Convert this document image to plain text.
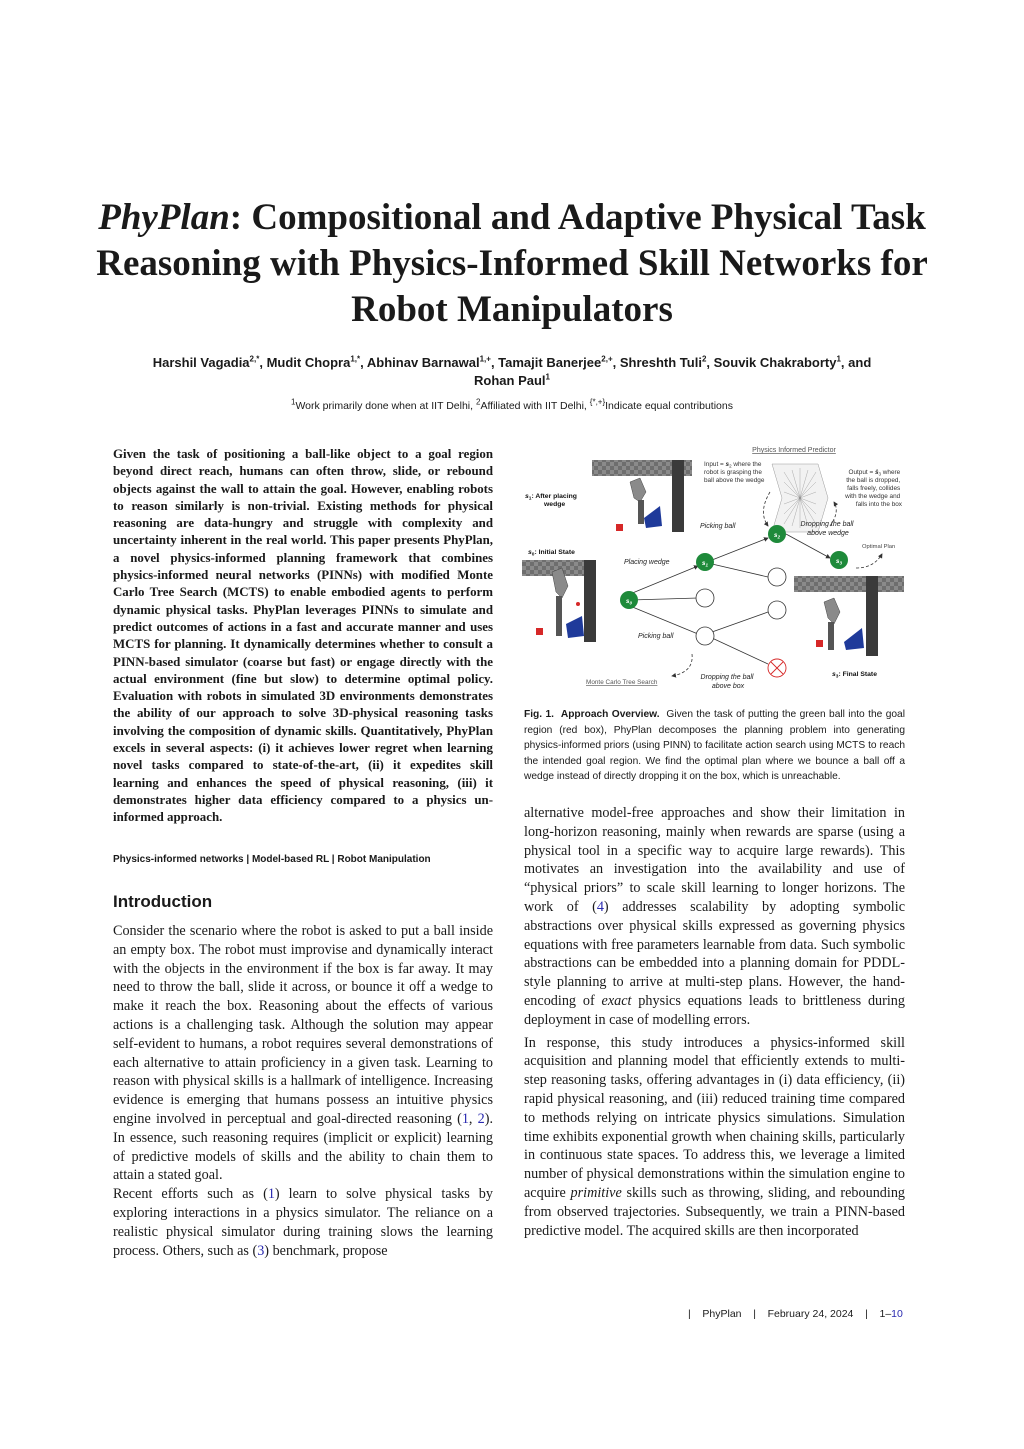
PhyPlan: Compositional and Adaptive Physical Task Reasoning with Physics-Informed Skill Networks for Robot Manipulators
Harshil Vagadia$^{2,*}$, Mudit Chopra$^{1,*}$, Abhinav Barnawal$^{1,+}$, Tamajit Banerjee$^{2,+}$, Shreshth Tuli$^2$, Souvik Chakraborty$^1$, and
Rohan Paul$^1$
$^1$Work primarily done when at IIT Delhi, $^2$Affiliated with IIT Delhi, {*,+}Indicate equal contributions
Given the task of positioning a ball-like object to a goal region beyond direct reach, humans can often throw, slide, or rebound objects against the wall to attain the goal. However, enabling robots to reason similarly is non-trivial. Existing methods for physical reasoning are data-hungry and struggle with complexity and uncertainty inherent in the real world. This paper presents PhyPlan, a novel physics-informed planning framework that combines physics-informed neural networks (PINNs) with modified Monte Carlo Tree Search (MCTS) to enable embodied agents to perform dynamic physical tasks. PhyPlan leverages PINNs to simulate and predict outcomes of actions in a fast and accurate manner and uses MCTS for planning. It dynamically determines whether to consult a PINN-based simulator (coarse but fast) or engage directly with the actual environment (fine but slow) to determine optimal policy. Evaluation with robots in simulated 3D environments demonstrates the ability of our approach to solve 3D-physical reasoning tasks involving the composition of dynamic skills. Quantitatively, PhyPlan excels in several aspects: (i) it achieves lower regret when learning novel tasks compared to state-of-the-art, (ii) it expedites skill learning and enhances the speed of physical reasoning, (iii) it demonstrates higher data efficiency compared to a physics un-informed approach.
Physics-informed networks | Model-based RL | Robot Manipulation
Introduction

Consider the scenario where the robot is asked to put a ball inside an empty box. The robot must improvise and dynamically interact with the objects in the environment if the box is far away. It may need to throw the ball, slide it across, or bounce it off a wedge to make it reach the box. Reasoning about the effects of various actions is a challenging task. Although the solution may appear self-evident to humans, a robot requires several demonstrations of each alternative to attain proficiency in a given task. Learning to reason with physical skills is a hallmark of intelligence. Increasing evidence is emerging that humans possess an intuitive physics engine involved in perceptual and goal-directed reasoning (1, 2). In essence, such reasoning requires (implicit or explicit) learning of predictive models of skills and the ability to chain them to attain a stated goal.

Recent efforts such as (1) learn to solve physical tasks by exploring interactions in a physics simulator. The reliance on a realistic physical simulator during training slows the learning process. Others, such as (3) benchmark, propose

Physics Informed Predictor
Input = $s_2$ where the robot is grasping the ball above the wedge
Output = $ŝ_3$ where the ball is dropped, falls freely, collides with the wedge and falls into the box
$s_1$: After placing wedge
$s_0$: Initial State
$s_3$: Final State
$s_0$
$s_1$
$s_2$
$s_3$
Picking ball	Dropping the ball above wedge
Optimal Plan
Placing wedge
Picking ball
Monte Carlo Tree Search
Dropping the ball above box
Fig. 1. Approach Overview. Given the task of putting the green ball into the goal region (red box), PhyPlan decomposes the planning problem into generating physics-informed priors (using PINN) to facilitate action search using MCTS to reach the intended goal region. We find the optimal plan where we bounce a ball off a wedge instead of directly dropping it on the box, which is unreachable.

alternative model-free approaches and show their limitation in long-horizon reasoning, mainly when rewards are sparse (using a physical tool in a specific way to acquire large rewards). This motivates an investigation into the availability and use of “physical priors” to scale skill learning to longer horizons. The work of (4) addresses scalability by adopting symbolic abstractions over physical skills expressed as governing physics equations with free parameters learnable from data. Such symbolic abstractions can be embedded into a planning domain for PDDL-style planning to arrive at multi-step plans. However, the hand-encoding of exact physics equations leads to brittleness during deployment in case of modelling errors.

In response, this study introduces a physics-informed skill acquisition and planning model that efficiently extends to multi-step reasoning tasks, offering advantages in (i) data efficiency, (ii) rapid physical reasoning, and (iii) reduced training time compared to methods relying on intricate physics simulations. Simulation time exhibits exponential growth when chaining skills, particularly in continuous state spaces. To address this, we leverage a limited number of physical demonstrations within the simulation engine to acquire primitive skills such as throwing, sliding, and rebounding from observed trajectories. Subsequently, we train a PINN-based predictive model. The acquired skills are then incorporated

| PhyPlan | February 24, 2024 | 1–10
